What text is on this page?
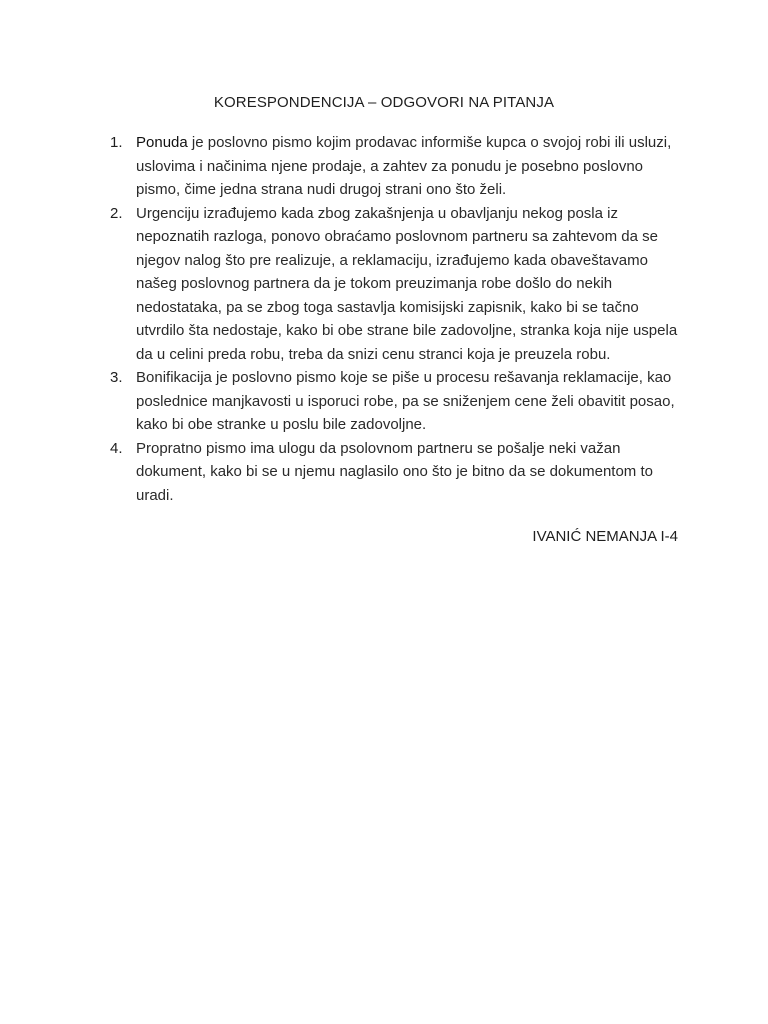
KORESPONDENCIJA – ODGOVORI NA PITANJA
1. Ponuda je poslovno pismo kojim prodavac informiše kupca o svojoj robi ili usluzi, uslovima i načinima njene prodaje, a zahtev za ponudu je posebno poslovno pismo, čime jedna strana nudi drugoj strani ono što želi.
2. Urgenciju izrađujemo kada zbog zakašnjenja u obavljanju nekog posla iz nepoznatih razloga, ponovo obraćamo poslovnom partneru sa zahtevom da se njegov nalog što pre realizuje, a reklamaciju, izrađujemo kada obaveštavamo našeg poslovnog partnera da je tokom preuzimanja robe došlo do nekih nedostataka, pa se zbog toga sastavlja komisijski zapisnik, kako bi se tačno utvrdilo šta nedostaje, kako bi obe strane bile zadovoljne, stranka koja nije uspela da u celini preda robu, treba da snizi cenu stranci koja je preuzela robu.
3. Bonifikacija je poslovno pismo koje se piše u procesu rešavanja reklamacije, kao poslednice manjkavosti u isporuci robe, pa se sniženjem cene želi obavitit posao, kako bi obe stranke u poslu bile zadovoljne.
4. Propratno pismo ima ulogu da psolovnom partneru se pošalje neki važan dokument, kako bi se u njemu naglasilo ono što je bitno da se dokumentom to uradi.
IVANIĆ NEMANJA I-4
